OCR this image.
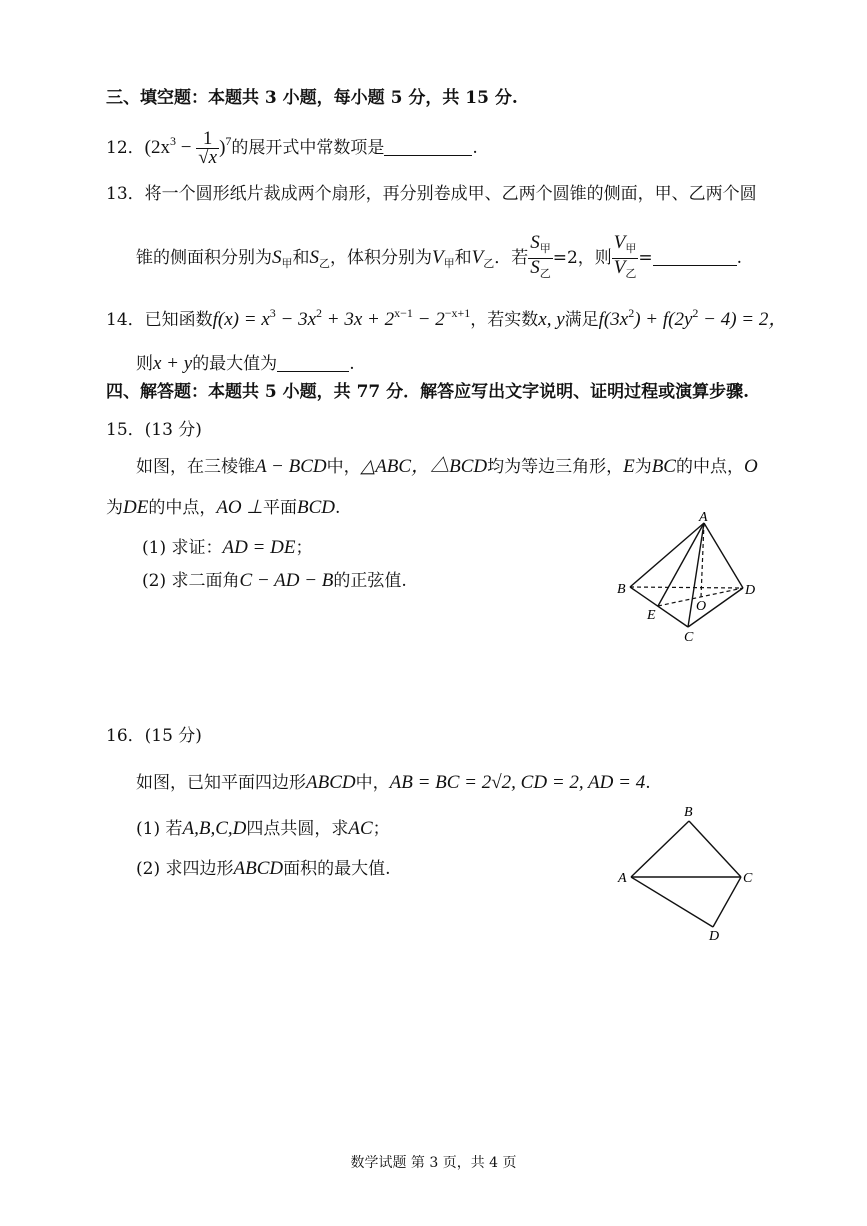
三、填空题：本题共 3 小题，每小题 5 分，共 15 分.
12．$(2x^3 - \frac{1}{√x} )^7$的展开式中常数项是	.
13．将一个圆形纸片裁成两个扇形，再分别卷成甲、乙两个圆锥的侧面，甲、乙两个圆
锥的侧面积分别为$S_甲$和$S_乙$，体积分别为$V_甲$和$V_乙$．若 $\frac{S_甲}{S_乙} =2$，则 $\frac{V_甲}{V_乙}$ =	.
14．已知函数$f(x) = x^3 - 3x^2 + 3x + 2^{x-1} - 2^{-x+1}$，若实数x, y满足$f(3x^2) + f(2y^2 - 4) = 2$，
则x + y的最大值为	.
四、解答题：本题共 5 小题，共 77 分．解答应写出文字说明、证明过程或演算步骤.
15．(13 分)
如图，在三棱锥A − BCD中，△ABC，△BCD均为等边三角形，E为BC的中点，O
为DE的中点，AO ⊥平面BCD.
(1) 求证：AD = DE；
(2) 求二面角C − AD − B的正弦值.
A
B
C
D
E
O
16．(15 分)
如图，已知平面四边形ABCD中，AB = BC = 2√2, CD = 2, AD = 4.
(1) 若A,B,C,D四点共圆，求AC；
(2) 求四边形ABCD面积的最大值.
B
A	C
D
数学试题 第 3 页，共 4 页
